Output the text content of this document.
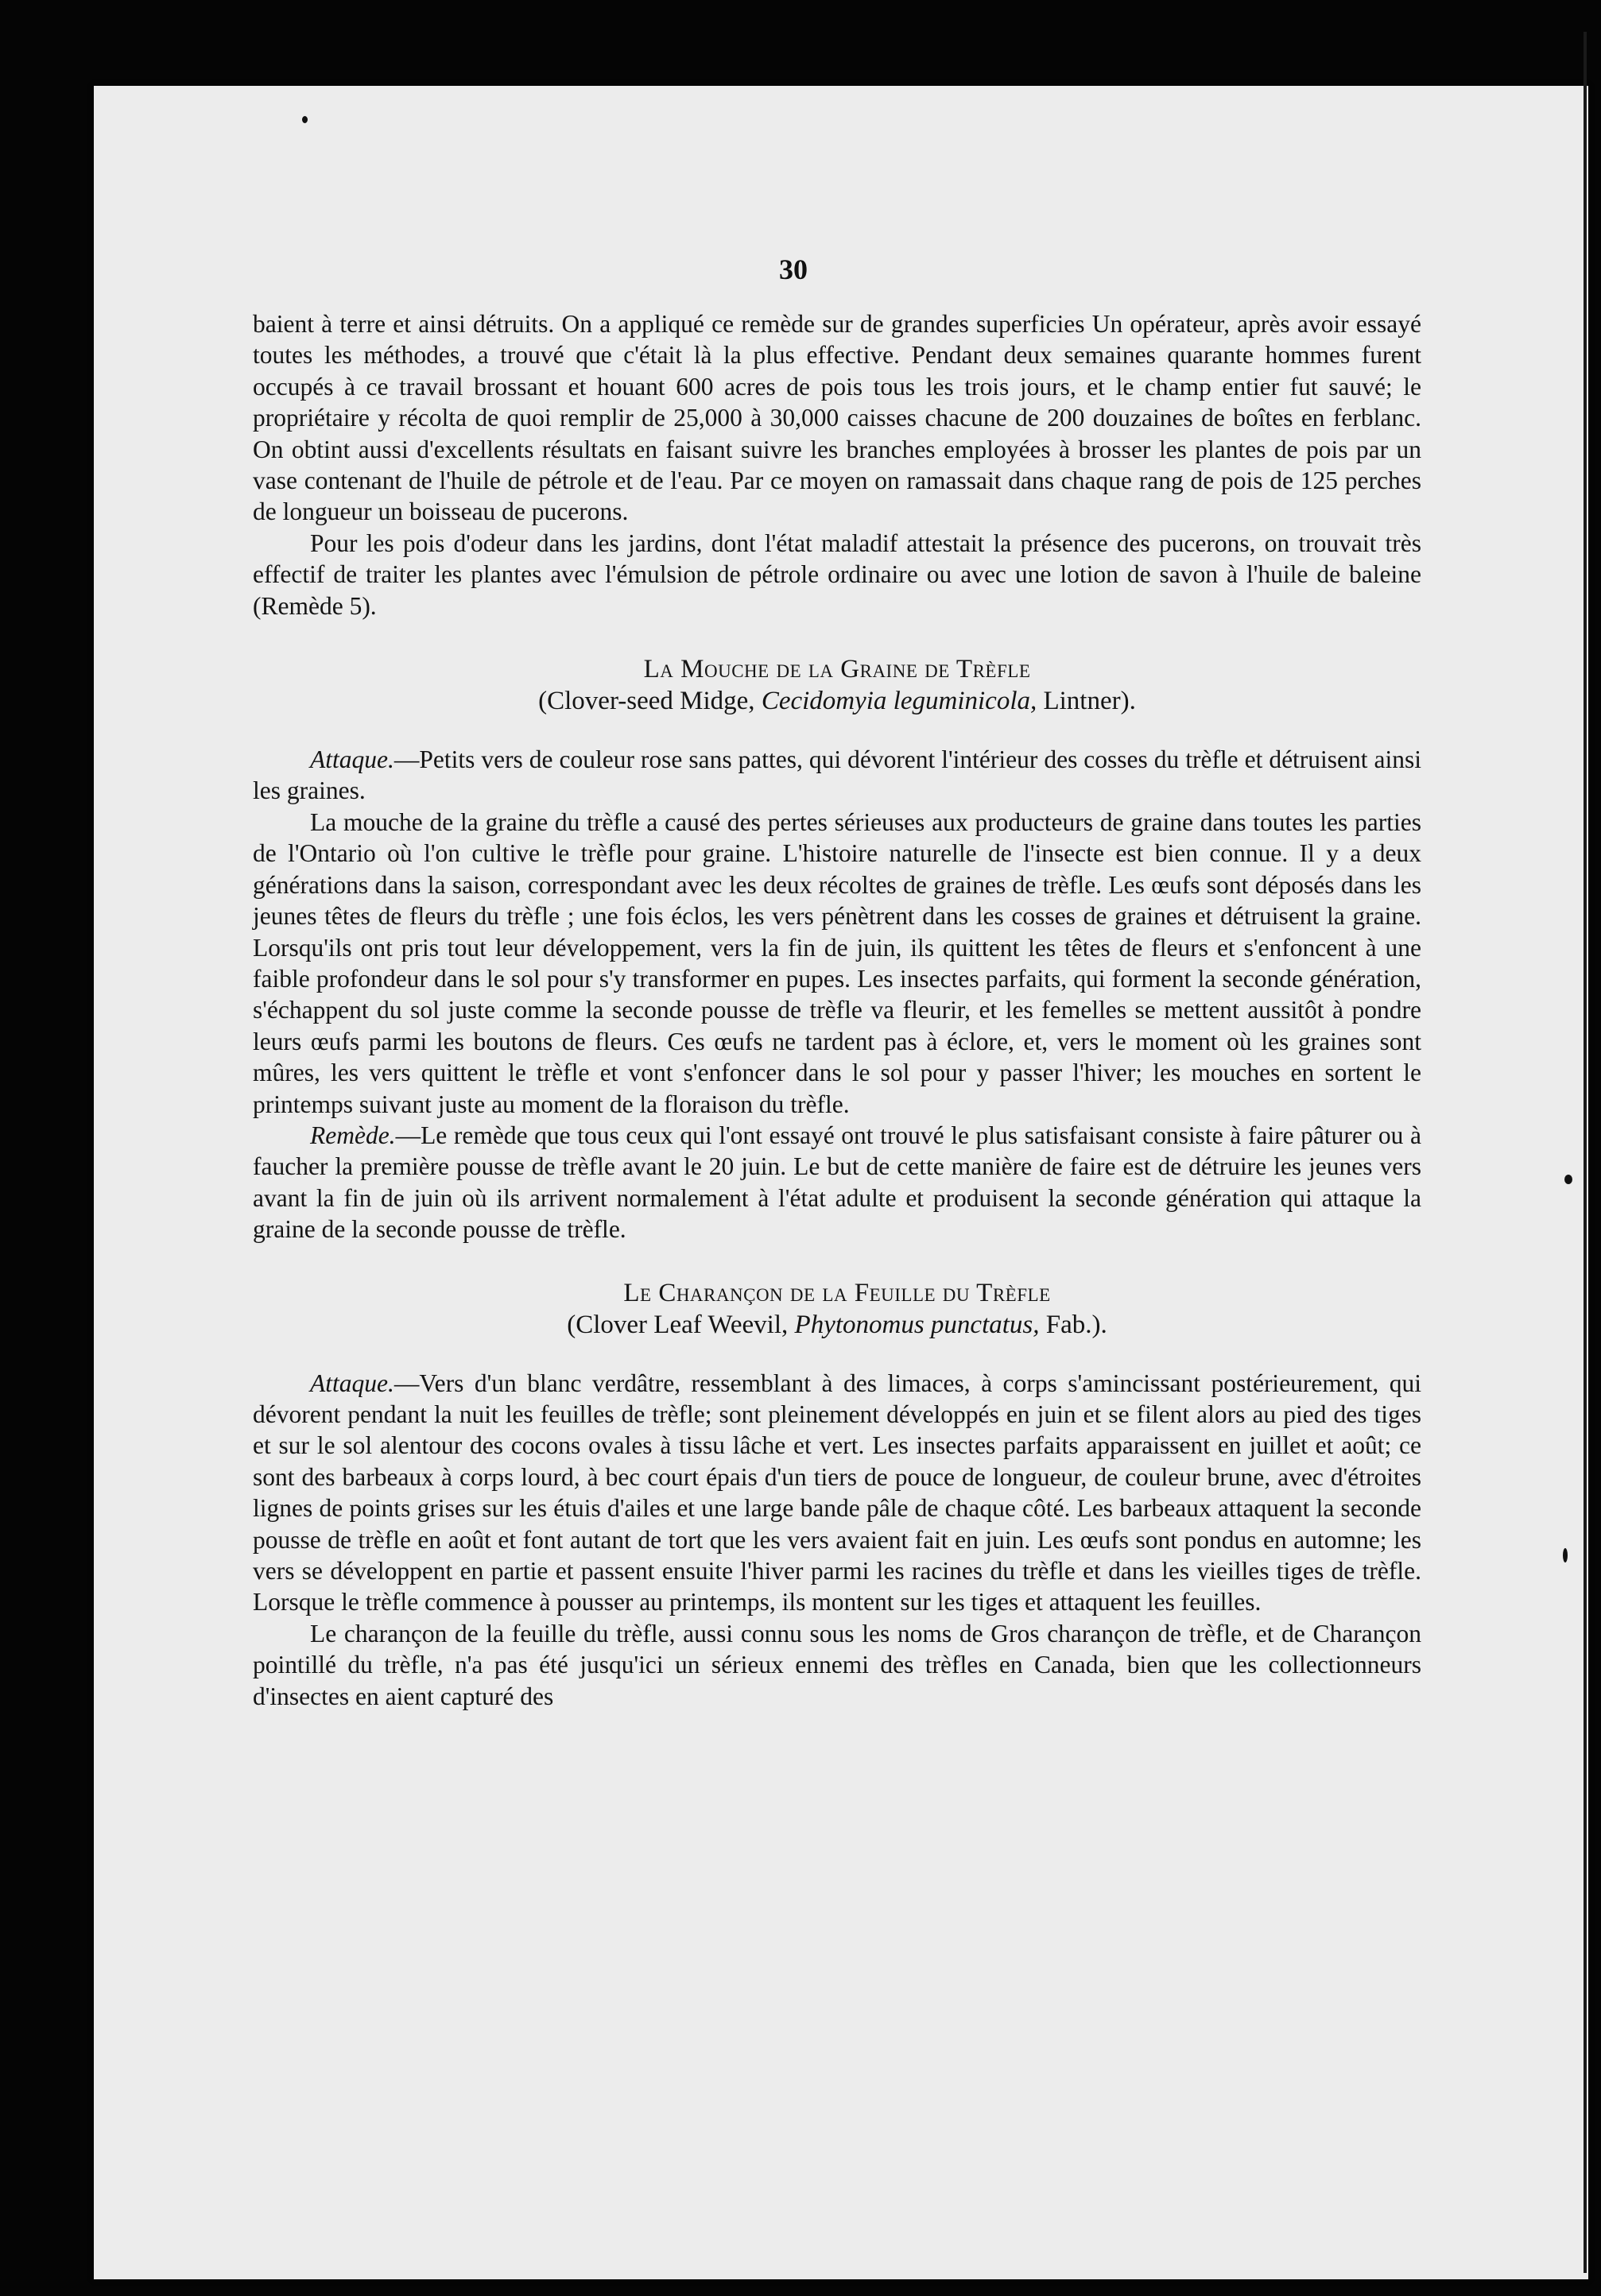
30

baient à terre et ainsi détruits. On a appliqué ce remède sur de grandes superficies Un opérateur, après avoir essayé toutes les méthodes, a trouvé que c'était là la plus effective. Pendant deux semaines quarante hommes furent occupés à ce travail brossant et houant 600 acres de pois tous les trois jours, et le champ entier fut sauvé; le propriétaire y récolta de quoi remplir de 25,000 à 30,000 caisses chacune de 200 douzaines de boîtes en ferblanc. On obtint aussi d'excellents résultats en faisant suivre les branches employées à brosser les plantes de pois par un vase contenant de l'huile de pétrole et de l'eau. Par ce moyen on ramassait dans chaque rang de pois de 125 perches de longueur un boisseau de pucerons.

Pour les pois d'odeur dans les jardins, dont l'état maladif attestait la présence des pucerons, on trouvait très effectif de traiter les plantes avec l'émulsion de pétrole ordinaire ou avec une lotion de savon à l'huile de baleine (Remède 5).

La Mouche de la Graine de Trèfle
(Clover-seed Midge, Cecidomyia leguminicola, Lintner).

Attaque.—Petits vers de couleur rose sans pattes, qui dévorent l'intérieur des cosses du trèfle et détruisent ainsi les graines.

La mouche de la graine du trèfle a causé des pertes sérieuses aux producteurs de graine dans toutes les parties de l'Ontario où l'on cultive le trèfle pour graine. L'histoire naturelle de l'insecte est bien connue. Il y a deux générations dans la saison, correspondant avec les deux récoltes de graines de trèfle. Les œufs sont déposés dans les jeunes têtes de fleurs du trèfle ; une fois éclos, les vers pénètrent dans les cosses de graines et détruisent la graine. Lorsqu'ils ont pris tout leur développement, vers la fin de juin, ils quittent les têtes de fleurs et s'enfoncent à une faible profondeur dans le sol pour s'y transformer en pupes. Les insectes parfaits, qui forment la seconde génération, s'échappent du sol juste comme la seconde pousse de trèfle va fleurir, et les femelles se mettent aussitôt à pondre leurs œufs parmi les boutons de fleurs. Ces œufs ne tardent pas à éclore, et, vers le moment où les graines sont mûres, les vers quittent le trèfle et vont s'enfoncer dans le sol pour y passer l'hiver; les mouches en sortent le printemps suivant juste au moment de la floraison du trèfle.

Remède.—Le remède que tous ceux qui l'ont essayé ont trouvé le plus satisfaisant consiste à faire pâturer ou à faucher la première pousse de trèfle avant le 20 juin. Le but de cette manière de faire est de détruire les jeunes vers avant la fin de juin où ils arrivent normalement à l'état adulte et produisent la seconde génération qui attaque la graine de la seconde pousse de trèfle.

Le Charançon de la Feuille du Trèfle
(Clover Leaf Weevil, Phytonomus punctatus, Fab.).

Attaque.—Vers d'un blanc verdâtre, ressemblant à des limaces, à corps s'amincissant postérieurement, qui dévorent pendant la nuit les feuilles de trèfle; sont pleinement développés en juin et se filent alors au pied des tiges et sur le sol alentour des cocons ovales à tissu lâche et vert. Les insectes parfaits apparaissent en juillet et août; ce sont des barbeaux à corps lourd, à bec court épais d'un tiers de pouce de longueur, de couleur brune, avec d'étroites lignes de points grises sur les étuis d'ailes et une large bande pâle de chaque côté. Les barbeaux attaquent la seconde pousse de trèfle en août et font autant de tort que les vers avaient fait en juin. Les œufs sont pondus en automne; les vers se développent en partie et passent ensuite l'hiver parmi les racines du trèfle et dans les vieilles tiges de trèfle. Lorsque le trèfle commence à pousser au printemps, ils montent sur les tiges et attaquent les feuilles.

Le charançon de la feuille du trèfle, aussi connu sous les noms de Gros charançon de trèfle, et de Charançon pointillé du trèfle, n'a pas été jusqu'ici un sérieux ennemi des trèfles en Canada, bien que les collectionneurs d'insectes en aient capturé des
